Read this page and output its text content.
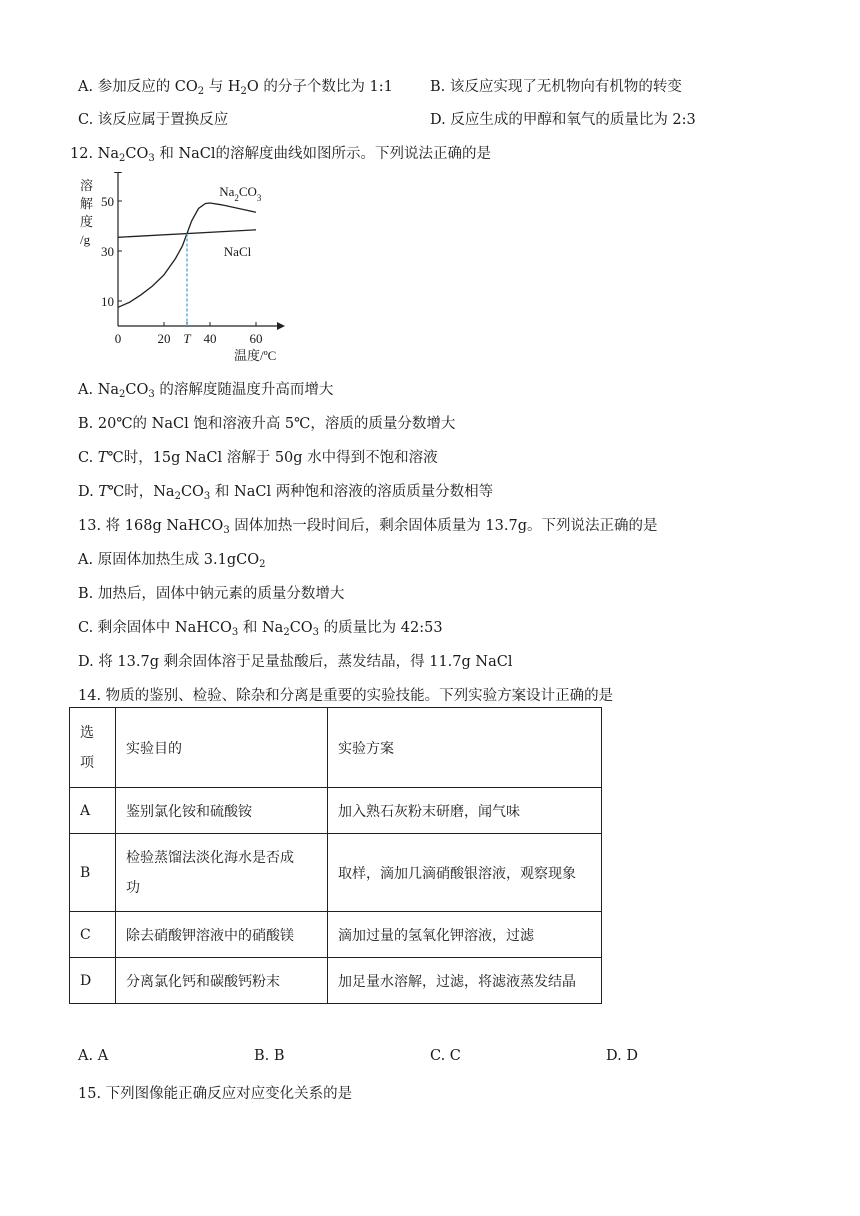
A. 参加反应的 $CO_2$ 与 $H_2O$ 的分子个数比为 1:1	B. 该反应实现了无机物向有机物的转变
C. 该反应属于置换反应	D. 反应生成的甲醇和氧气的质量比为 2:3
12. $Na_2CO_3$ 和 NaCl的溶解度曲线如图所示。下列说法正确的是
溶
解
度
/g
10
30
50
0	20 T 40	60
温度/ºC
$Na_2CO_3$
NaCl
A. $Na_2CO_3$ 的溶解度随温度升高而增大
B. 20℃的 NaCl 饱和溶液升高 5℃，溶质的质量分数增大
C. T℃时，15g NaCl 溶解于 50g 水中得到不饱和溶液
D. T℃时，$Na_2CO_3$ 和 NaCl 两种饱和溶液的溶质质量分数相等
13. 将 168g NaHCO$_3$ 固体加热一段时间后，剩余固体质量为 13.7g。下列说法正确的是
A. 原固体加热生成 3.1gCO$_2$
B. 加热后，固体中钠元素的质量分数增大
C. 剩余固体中 NaHCO$_3$ 和 $Na_2CO_3$ 的质量比为 42:53
D. 将 13.7g 剩余固体溶于足量盐酸后，蒸发结晶，得 11.7g NaCl
14. 物质的鉴别、检验、除杂和分离是重要的实验技能。下列实验方案设计正确的是
选
项	实验目的	实验方案
A	鉴别氯化铵和硫酸铵	加入熟石灰粉末研磨，闻气味
B	检验蒸馏法淡化海水是否成
功	取样，滴加几滴硝酸银溶液，观察现象
C	除去硝酸钾溶液中的硝酸镁	滴加过量的氢氧化钾溶液，过滤
D	分离氯化钙和碳酸钙粉末	加足量水溶解，过滤，将滤液蒸发结晶
A. A	B. B	C. C	D. D
15. 下列图像能正确反应对应变化关系的是
